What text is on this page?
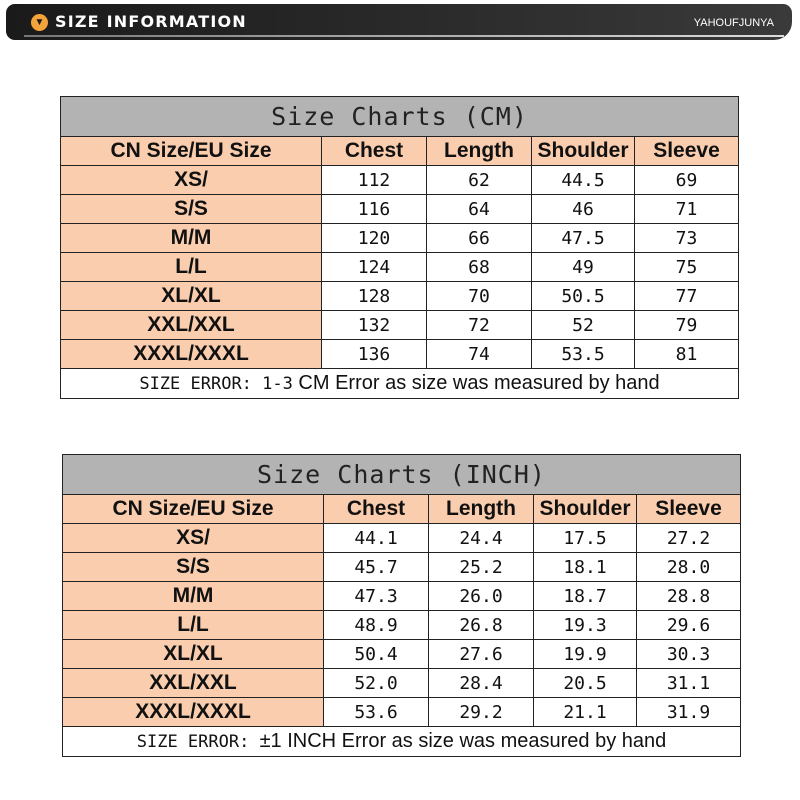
▼ SIZE INFORMATION	YAHOUFJUNYA
Size Charts (CM)				
CN Size/EU Size	Chest	Length	Shoulder	Sleeve
XS/	112	62	44.5	69
S/S	116	64	46	71
M/M	120	66	47.5	73
L/L	124	68	49	75
XL/XL	128	70	50.5	77
XXL/XXL	132	72	52	79
XXXL/XXXL	136	74	53.5	81
SIZE ERROR: 1-3 CM Error as size was measured by hand				
Size Charts (INCH)				
CN Size/EU Size	Chest	Length	Shoulder	Sleeve
XS/	44.1	24.4	17.5	27.2
S/S	45.7	25.2	18.1	28.0
M/M	47.3	26.0	18.7	28.8
L/L	48.9	26.8	19.3	29.6
XL/XL	50.4	27.6	19.9	30.3
XXL/XXL	52.0	28.4	20.5	31.1
XXXL/XXXL	53.6	29.2	21.1	31.9
SIZE ERROR: ±1 INCH Error as size was measured by hand				
